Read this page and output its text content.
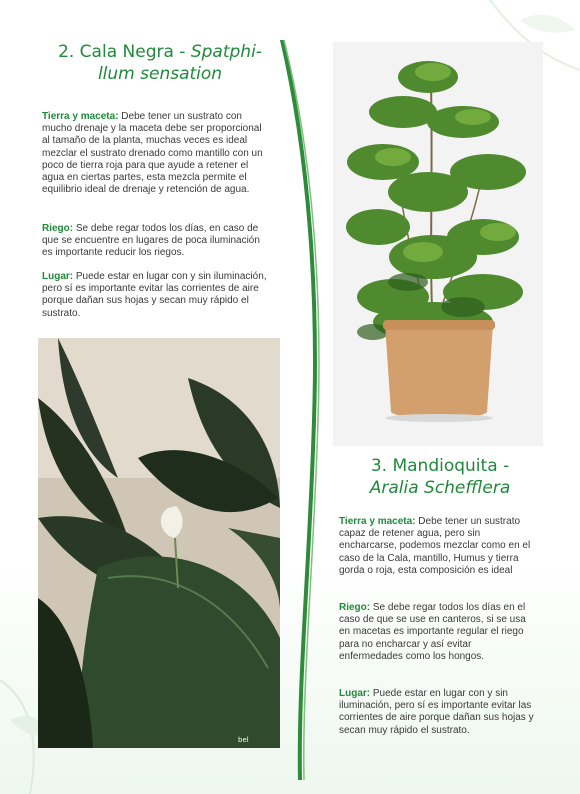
2. Cala Negra - Spatphi-
llum sensation

Tierra y maceta: Debe tener un sustrato con mucho drenaje y la maceta debe ser proporcional al tamaño de la planta, muchas veces es ideal mezclar el sustrato drenado como mantillo con un poco de tierra roja para que ayude a retener el agua en ciertas partes, esta mezcla permite el equilibrio ideal de drenaje y retención de agua.

Riego: Se debe regar todos los días, en caso de que se encuentre en lugares de poca iluminación es importante reducir los riegos.

Lugar: Puede estar en lugar con y sin iluminación, pero sí es importante evitar las corrientes de aire porque dañan sus hojas y secan muy rápido el sustrato.

bel
3. Mandioquita -
Aralia Schefflera

Tierra y maceta: Debe tener un sustrato capaz de retener agua, pero sin encharcarse, podemos mezclar como en el caso de la Cala, mantillo, Humus y tierra gorda o roja, esta composición es ideal

Riego: Se debe regar todos los días en el caso de que se use en canteros, si se usa en macetas es importante regular el riego para no encharcar y así evitar enfermedades como los hongos.

Lugar: Puede estar en lugar con y sin iluminación, pero sí es importante evitar las corrientes de aire porque dañan sus hojas y secan muy rápido el sustrato.
